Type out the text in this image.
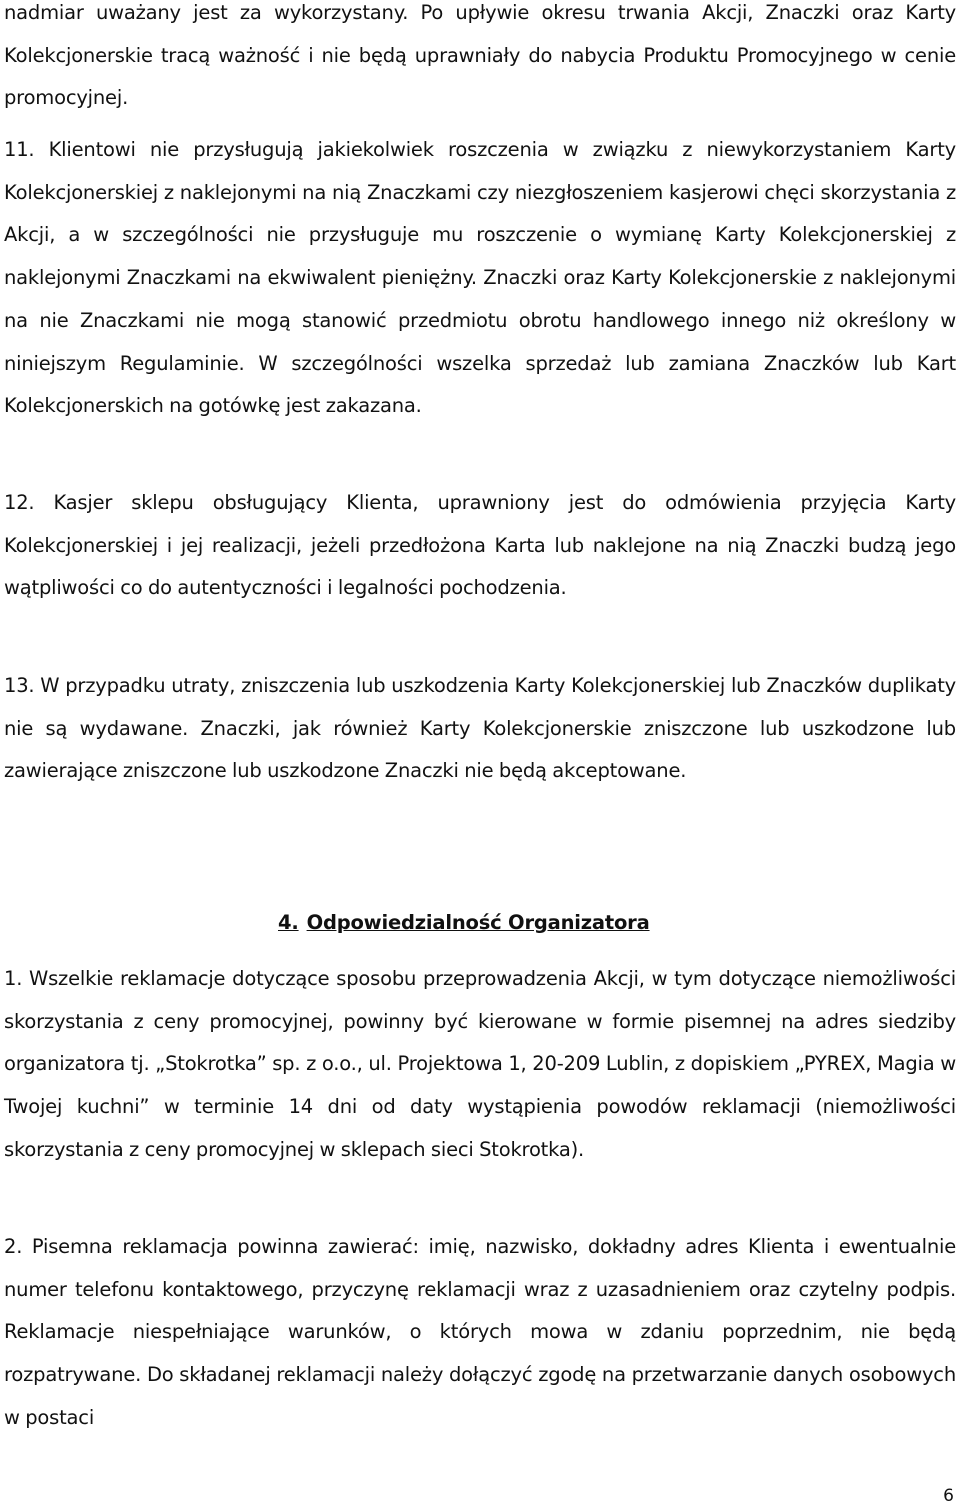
nadmiar uważany jest za wykorzystany. Po upływie okresu trwania Akcji, Znaczki oraz Karty Kolekcjonerskie tracą ważność i nie będą uprawniały do nabycia Produktu Promocyjnego w cenie promocyjnej.

11. Klientowi nie przysługują jakiekolwiek roszczenia w związku z niewykorzystaniem Karty Kolekcjonerskiej z naklejonymi na nią Znaczkami czy niezgłoszeniem kasjerowi chęci skorzystania z Akcji, a w szczególności nie przysługuje mu roszczenie o wymianę Karty Kolekcjonerskiej z naklejonymi Znaczkami na ekwiwalent pieniężny. Znaczki oraz Karty Kolekcjonerskie z naklejonymi na nie Znaczkami nie mogą stanowić przedmiotu obrotu handlowego innego niż określony w niniejszym Regulaminie. W szczególności wszelka sprzedaż lub zamiana Znaczków lub Kart Kolekcjonerskich na gotówkę jest zakazana.

12. Kasjer sklepu obsługujący Klienta, uprawniony jest do odmówienia przyjęcia Karty Kolekcjonerskiej i jej realizacji, jeżeli przedłożona Karta lub naklejone na nią Znaczki budzą jego wątpliwości co do autentyczności i legalności pochodzenia.

13. W przypadku utraty, zniszczenia lub uszkodzenia Karty Kolekcjonerskiej lub Znaczków duplikaty nie są wydawane. Znaczki, jak również Karty Kolekcjonerskie zniszczone lub uszkodzone lub zawierające zniszczone lub uszkodzone Znaczki nie będą akceptowane.

4. Odpowiedzialność Organizatora

1. Wszelkie reklamacje dotyczące sposobu przeprowadzenia Akcji, w tym dotyczące niemożliwości skorzystania z ceny promocyjnej, powinny być kierowane w formie pisemnej na adres siedziby organizatora tj. „Stokrotka” sp. z o.o., ul. Projektowa 1, 20-209 Lublin, z dopiskiem „PYREX, Magia w Twojej kuchni” w terminie 14 dni od daty wystąpienia powodów reklamacji (niemożliwości skorzystania z ceny promocyjnej w sklepach sieci Stokrotka).

2. Pisemna reklamacja powinna zawierać: imię, nazwisko, dokładny adres Klienta i ewentualnie numer telefonu kontaktowego, przyczynę reklamacji wraz z uzasadnieniem oraz czytelny podpis. Reklamacje niespełniające warunków, o których mowa w zdaniu poprzednim, nie będą rozpatrywane. Do składanej reklamacji należy dołączyć zgodę na przetwarzanie danych osobowych w postaci

6
